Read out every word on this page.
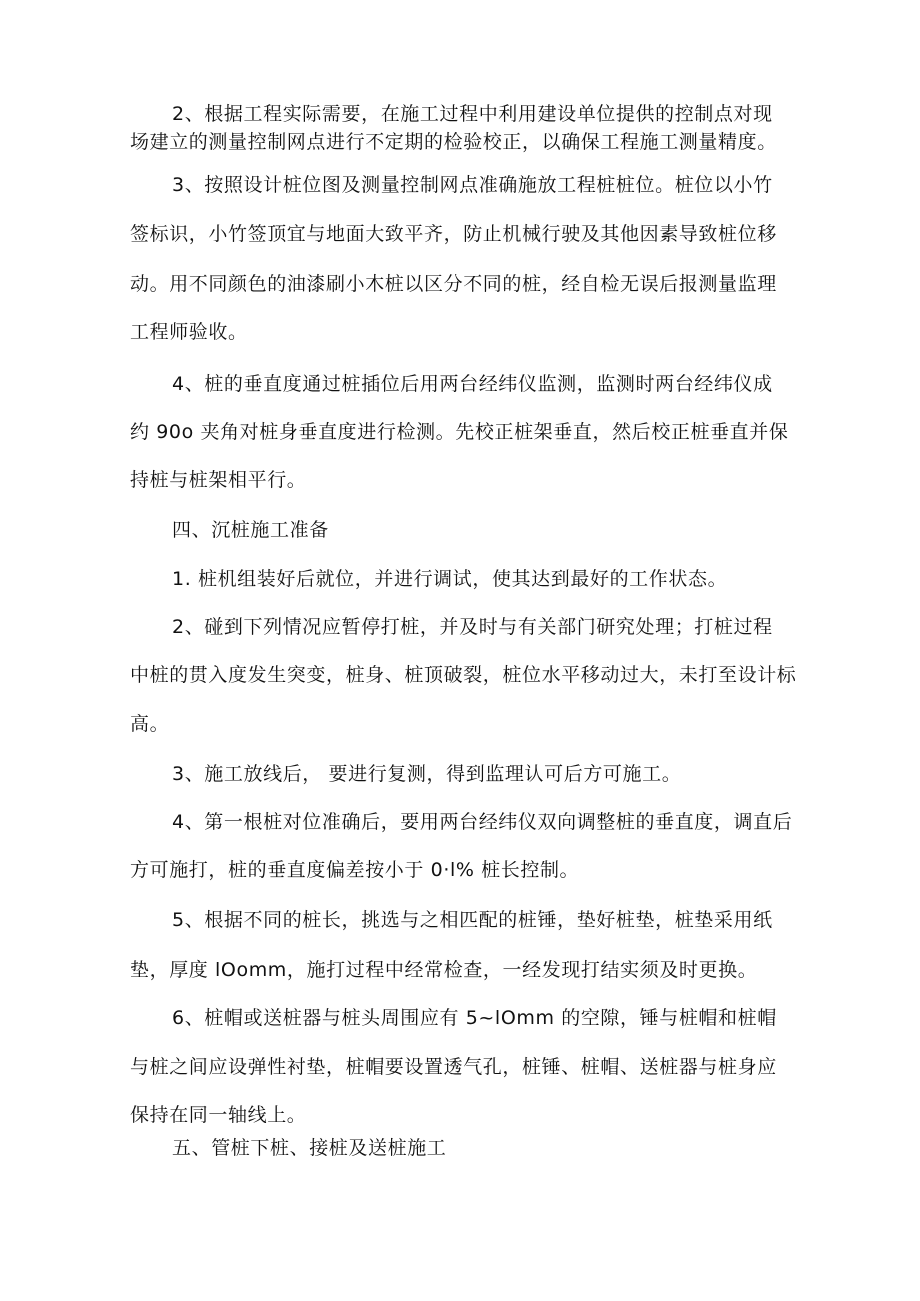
2、根据工程实际需要，在施工过程中利用建设单位提供的控制点对现
场建立的测量控制网点进行不定期的检验校正，以确保工程施工测量精度。
3、按照设计桩位图及测量控制网点准确施放工程桩桩位。桩位以小竹
签标识，小竹签顶宜与地面大致平齐，防止机械行驶及其他因素导致桩位移
动。用不同颜色的油漆刷小木桩以区分不同的桩，经自检无误后报测量监理
工程师验收。
4、桩的垂直度通过桩插位后用两台经纬仪监测，监测时两台经纬仪成
约 90o 夹角对桩身垂直度进行检测。先校正桩架垂直，然后校正桩垂直并保
持桩与桩架相平行。
四、沉桩施工准备
1. 桩机组装好后就位，并进行调试，使其达到最好的工作状态。
2、碰到下列情况应暂停打桩，并及时与有关部门研究处理；打桩过程
中桩的贯入度发生突变，桩身、桩顶破裂，桩位水平移动过大，未打至设计标
高。
3、施工放线后， 要进行复测，得到监理认可后方可施工。
4、第一根桩对位准确后，要用两台经纬仪双向调整桩的垂直度，调直后
方可施打，桩的垂直度偏差按小于 0·l% 桩长控制。
5、根据不同的桩长，挑选与之相匹配的桩锤，垫好桩垫，桩垫采用纸
垫，厚度 lOomm，施打过程中经常检查，一经发现打结实须及时更换。
6、桩帽或送桩器与桩头周围应有 5~lOmm 的空隙，锤与桩帽和桩帽
与桩之间应设弹性衬垫，桩帽要设置透气孔，桩锤、桩帽、送桩器与桩身应
保持在同一轴线上。
五、管桩下桩、接桩及送桩施工
